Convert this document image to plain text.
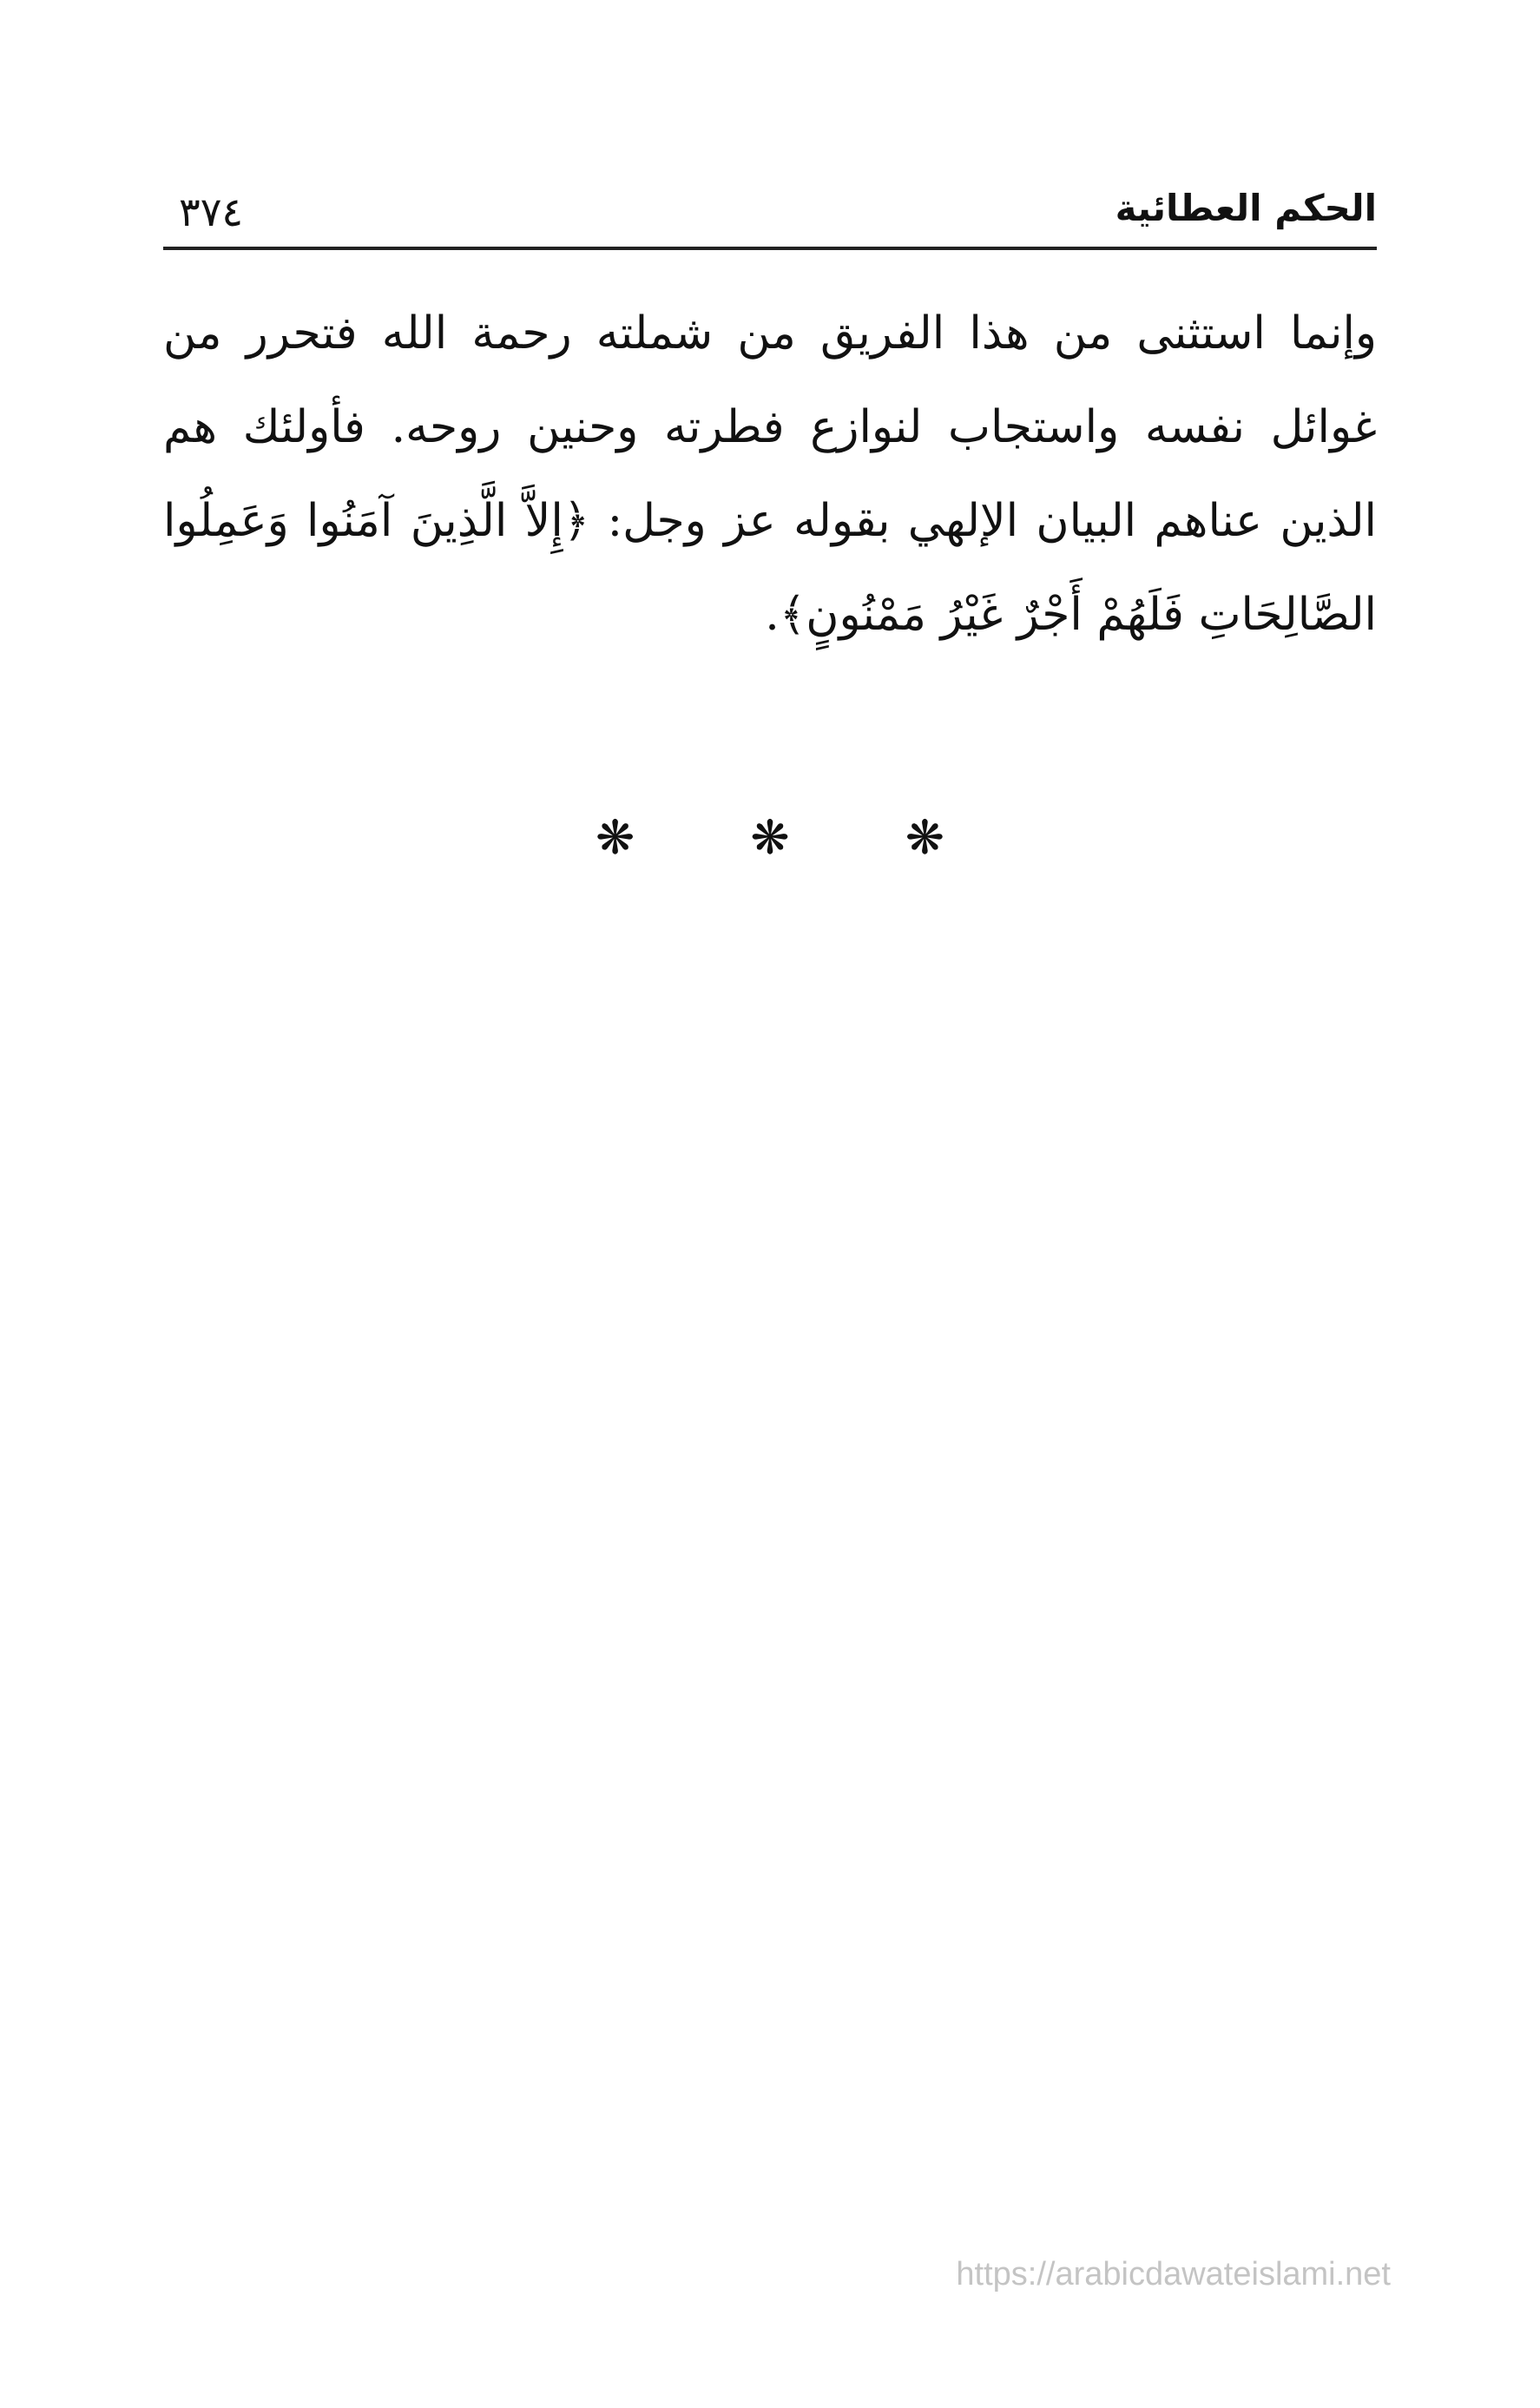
٣٧٤	الحكم العطائية

وإنما استثنى من هذا الفريق من شملته رحمة الله فتحرر من غوائل نفسه واستجاب لنوازع فطرته وحنين روحه. فأولئك هم الذين عناهم البيان الإلهي بقوله عز وجل: ﴿إِلاَّ الَّذِينَ آمَنُوا وَعَمِلُوا الصَّالِحَاتِ فَلَهُمْ أَجْرٌ غَيْرُ مَمْنُونٍ﴾.

❋ ❋ ❋
https://arabicdawateislami.net
